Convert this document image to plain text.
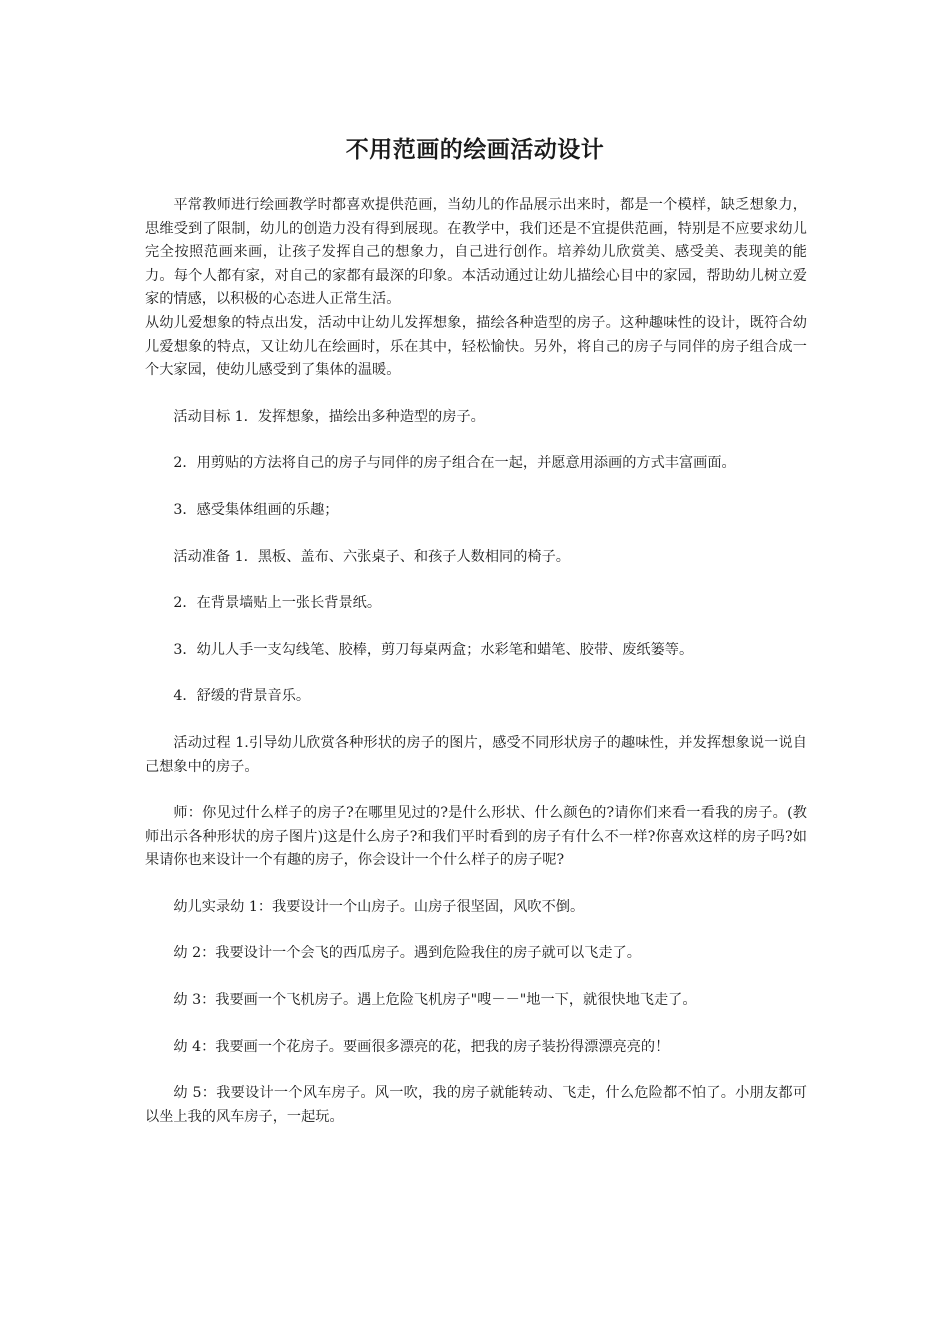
不用范画的绘画活动设计

平常教师进行绘画教学时都喜欢提供范画，当幼儿的作品展示出来时，都是一个模样，缺乏想象力，思维受到了限制，幼儿的创造力没有得到展现。在教学中，我们还是不宜提供范画，特别是不应要求幼儿完全按照范画来画，让孩子发挥自己的想象力，自己进行创作。培养幼儿欣赏美、感受美、表现美的能力。每个人都有家，对自己的家都有最深的印象。本活动通过让幼儿描绘心目中的家园，帮助幼儿树立爱家的情感，以积极的心态进人正常生活。

从幼儿爱想象的特点出发，活动中让幼儿发挥想象，描绘各种造型的房子。这种趣味性的设计，既符合幼儿爱想象的特点，又让幼儿在绘画时，乐在其中，轻松愉快。另外，将自己的房子与同伴的房子组合成一个大家园，使幼儿感受到了集体的温暖。

活动目标 1．发挥想象，描绘出多种造型的房子。

2．用剪贴的方法将自己的房子与同伴的房子组合在一起，并愿意用添画的方式丰富画面。

3．感受集体组画的乐趣；

活动准备 1．黑板、盖布、六张桌子、和孩子人数相同的椅子。

2．在背景墙贴上一张长背景纸。

3．幼儿人手一支勾线笔、胶棒，剪刀每桌两盒；水彩笔和蜡笔、胶带、废纸篓等。

4．舒缓的背景音乐。

活动过程 1.引导幼儿欣赏各种形状的房子的图片，感受不同形状房子的趣味性，并发挥想象说一说自己想象中的房子。

师：你见过什么样子的房子?在哪里见过的?是什么形状、什么颜色的?请你们来看一看我的房子。(教师出示各种形状的房子图片)这是什么房子?和我们平时看到的房子有什么不一样?你喜欢这样的房子吗?如果请你也来设计一个有趣的房子，你会设计一个什么样子的房子呢?

幼儿实录幼 1：我要设计一个山房子。山房子很坚固，风吹不倒。

幼 2：我要设计一个会飞的西瓜房子。遇到危险我住的房子就可以飞走了。

幼 3：我要画一个飞机房子。遇上危险飞机房子"嗖－－"地一下，就很快地飞走了。

幼 4：我要画一个花房子。要画很多漂亮的花，把我的房子装扮得漂漂亮亮的！

幼 5：我要设计一个风车房子。风一吹，我的房子就能转动、飞走，什么危险都不怕了。小朋友都可以坐上我的风车房子，一起玩。
